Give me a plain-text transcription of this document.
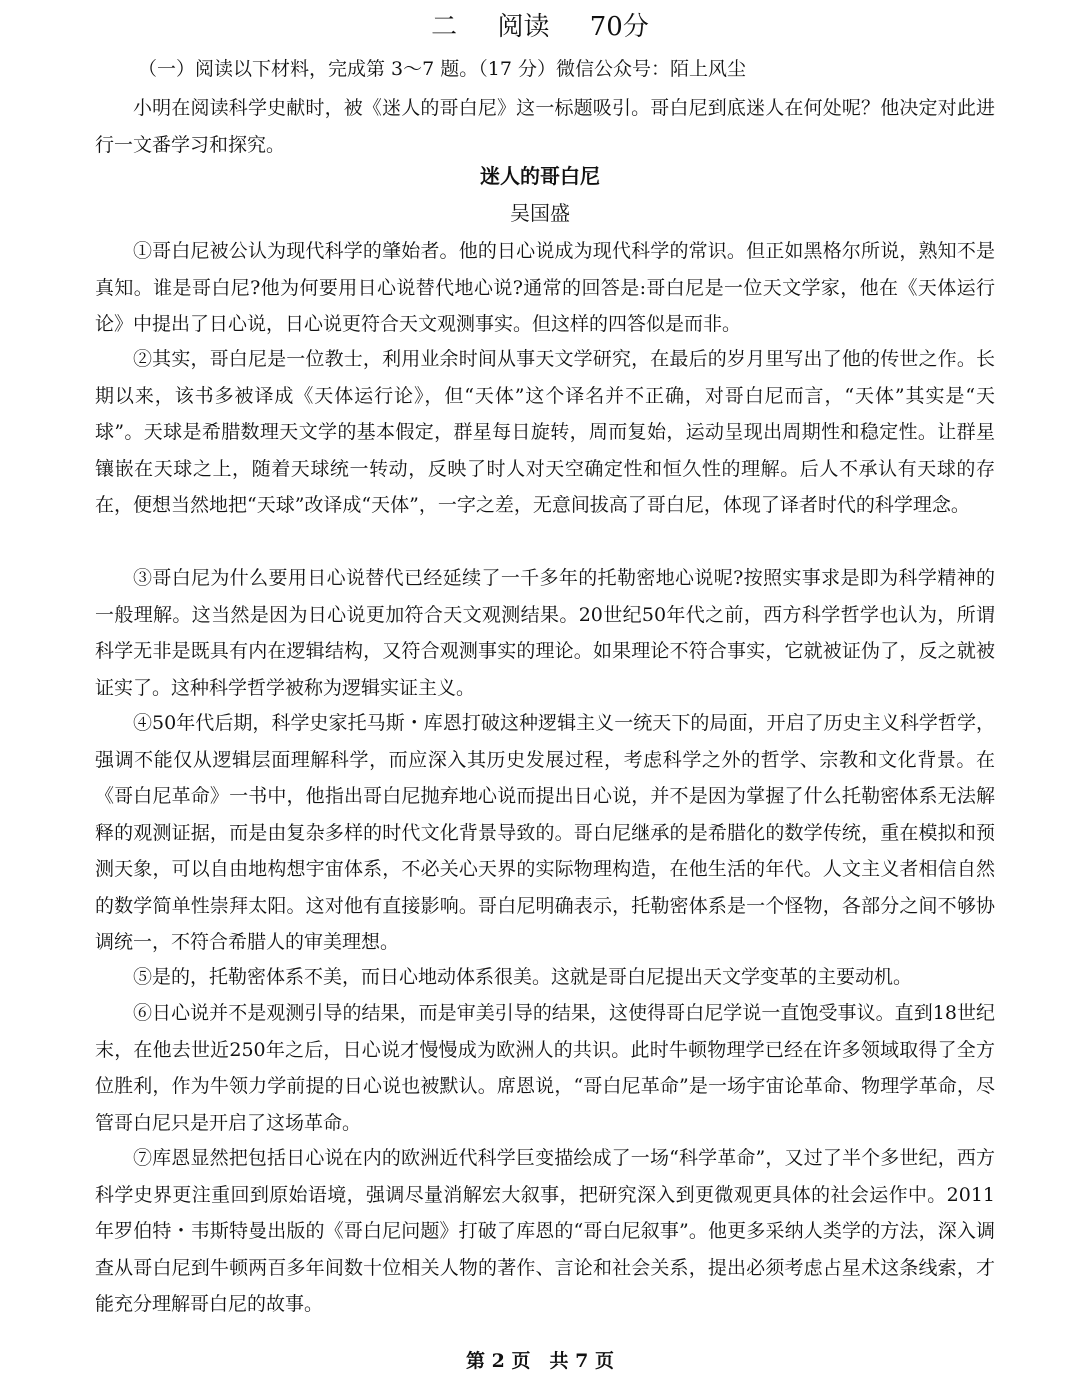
二 阅读 70分
（一）阅读以下材料，完成第 3～7 题。（17 分）微信公众号：陌上风尘
小明在阅读科学史献时，被《迷人的哥白尼》这一标题吸引。哥白尼到底迷人在何处呢？他决定对此进行一文番学习和探究。
迷人的哥白尼
吴国盛
①哥白尼被公认为现代科学的肇始者。他的日心说成为现代科学的常识。但正如黑格尔所说，熟知不是真知。谁是哥白尼?他为何要用日心说替代地心说?通常的回答是:哥白尼是一位天文学家，他在《天体运行论》中提出了日心说，日心说更符合天文观测事实。但这样的四答似是而非。
②其实，哥白尼是一位教士，利用业余时间从事天文学研究，在最后的岁月里写出了他的传世之作。长期以来，该书多被译成《天体运行论》，但“天体”这个译名并不正确，对哥白尼而言，“天体”其实是“天球”。天球是希腊数理天文学的基本假定，群星每日旋转，周而复始，运动呈现出周期性和稳定性。让群星镶嵌在天球之上，随着天球统一转动，反映了时人对天空确定性和恒久性的理解。后人不承认有天球的存在，便想当然地把“天球”改译成“天体”，一字之差，无意间拔高了哥白尼，体现了译者时代的科学理念。
③哥白尼为什么要用日心说替代已经延续了一千多年的托勒密地心说呢?按照实事求是即为科学精神的一般理解。这当然是因为日心说更加符合天文观测结果。20世纪50年代之前，西方科学哲学也认为，所谓科学无非是既具有内在逻辑结构，又符合观测事实的理论。如果理论不符合事实，它就被证伪了，反之就被证实了。这种科学哲学被称为逻辑实证主义。
④50年代后期，科学史家托马斯・库恩打破这种逻辑主义一统天下的局面，开启了历史主义科学哲学，强调不能仅从逻辑层面理解科学，而应深入其历史发展过程，考虑科学之外的哲学、宗教和文化背景。在《哥白尼革命》一书中，他指出哥白尼抛弃地心说而提出日心说，并不是因为掌握了什么托勒密体系无法解释的观测证据，而是由复杂多样的时代文化背景导致的。哥白尼继承的是希腊化的数学传统，重在模拟和预测天象，可以自由地构想宇宙体系，不必关心天界的实际物理构造，在他生活的年代。人文主义者相信自然的数学简单性崇拜太阳。这对他有直接影响。哥白尼明确表示，托勒密体系是一个怪物，各部分之间不够协调统一，不符合希腊人的审美理想。
⑤是的，托勒密体系不美，而日心地动体系很美。这就是哥白尼提出天文学变革的主要动机。
⑥日心说并不是观测引导的结果，而是审美引导的结果，这使得哥白尼学说一直饱受事议。直到18世纪末，在他去世近250年之后，日心说才慢慢成为欧洲人的共识。此时牛顿物理学已经在许多领域取得了全方位胜利，作为牛领力学前提的日心说也被默认。席恩说，“哥白尼革命”是一场宇宙论革命、物理学革命，尽管哥白尼只是开启了这场革命。
⑦库恩显然把包括日心说在内的欧洲近代科学巨变描绘成了一场“科学革命”，又过了半个多世纪，西方科学史界更注重回到原始语境，强调尽量消解宏大叙事，把研究深入到更微观更具体的社会运作中。2011年罗伯特・韦斯特曼出版的《哥白尼问题》打破了库恩的“哥白尼叙事”。他更多采纳人类学的方法，深入调查从哥白尼到牛顿两百多年间数十位相关人物的著作、言论和社会关系，提出必须考虑占星术这条线索，才能充分理解哥白尼的故事。
第 2 页　共 7 页
